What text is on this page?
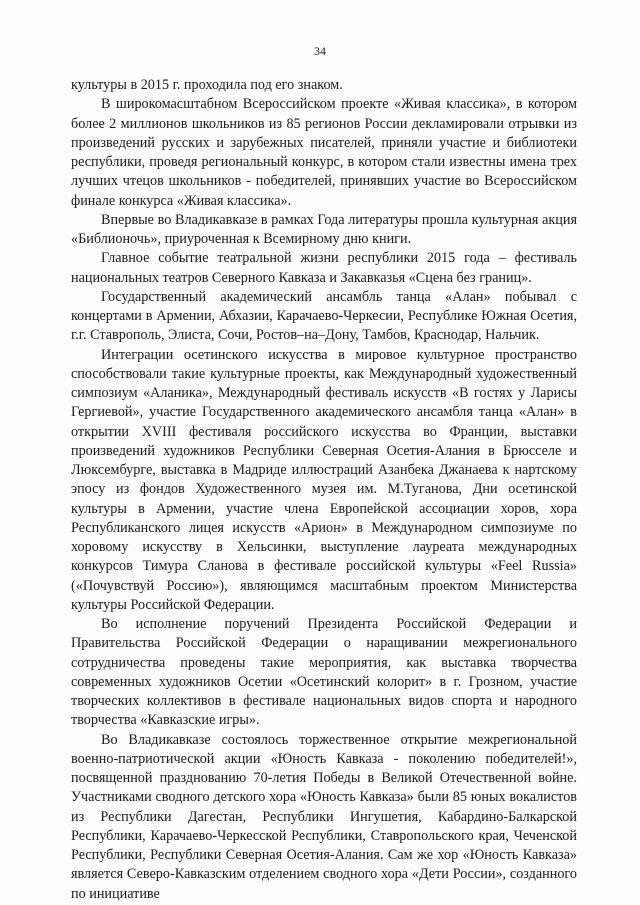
34

культуры в 2015 г. проходила под его знаком.

В широкомасштабном Всероссийском проекте «Живая классика», в котором более 2 миллионов школьников из 85 регионов России декламировали отрывки из произведений русских и зарубежных писателей, приняли участие и библиотеки республики, проведя региональный конкурс, в котором стали известны имена трех лучших чтецов школьников - победителей, принявших участие во Всероссийском финале конкурса «Живая классика».

Впервые во Владикавказе в рамках Года литературы прошла культурная акция «Библионочь», приуроченная к Всемирному дню книги.

Главное событие театральной жизни республики 2015 года – фестиваль национальных театров Северного Кавказа и Закавказья «Сцена без границ».

Государственный академический ансамбль танца «Алан» побывал с концертами в Армении, Абхазии, Карачаево-Черкесии, Республике Южная Осетия, г.г. Ставрополь, Элиста, Сочи, Ростов–на–Дону, Тамбов, Краснодар, Нальчик.

Интеграции осетинского искусства в мировое культурное пространство способствовали такие культурные проекты, как Международный художественный симпозиум «Аланика», Международный фестиваль искусств «В гостях у Ларисы Гергиевой», участие Государственного академического ансамбля танца «Алан» в открытии XVIII фестиваля российского искусства во Франции, выставки произведений художников Республики Северная Осетия-Алания в Брюсселе и Люксембурге, выставка в Мадриде иллюстраций Азанбека Джанаева к нартскому эпосу из фондов Художественного музея им. М.Туганова, Дни осетинской культуры в Армении, участие члена Европейской ассоциации хоров, хора Республиканского лицея искусств «Арион» в Международном симпозиуме по хоровому искусству в Хельсинки, выступление лауреата международных конкурсов Тимура Сланова в фестивале российской культуры «Feel Russia» («Почувствуй Россию»), являющимся масштабным проектом Министерства культуры Российской Федерации.

Во исполнение поручений Президента Российской Федерации и Правительства Российской Федерации о наращивании межрегионального сотрудничества проведены такие мероприятия, как выставка творчества современных художников Осетии «Осетинский колорит» в г. Грозном, участие творческих коллективов в фестивале национальных видов спорта и народного творчества «Кавказские игры».

Во Владикавказе состоялось торжественное открытие межрегиональной военно-патриотической акции «Юность Кавказа - поколению победителей!», посвященной празднованию 70-летия Победы в Великой Отечественной войне. Участниками сводного детского хора «Юность Кавказа» были 85 юных вокалистов из Республики Дагестан, Республики Ингушетия, Кабардино-Балкарской Республики, Карачаево-Черкесской Республики, Ставропольского края, Чеченской Республики, Республики Северная Осетия-Алания. Сам же хор «Юность Кавказа» является Северо-Кавказским отделением сводного хора «Дети России», созданного по инициативе
